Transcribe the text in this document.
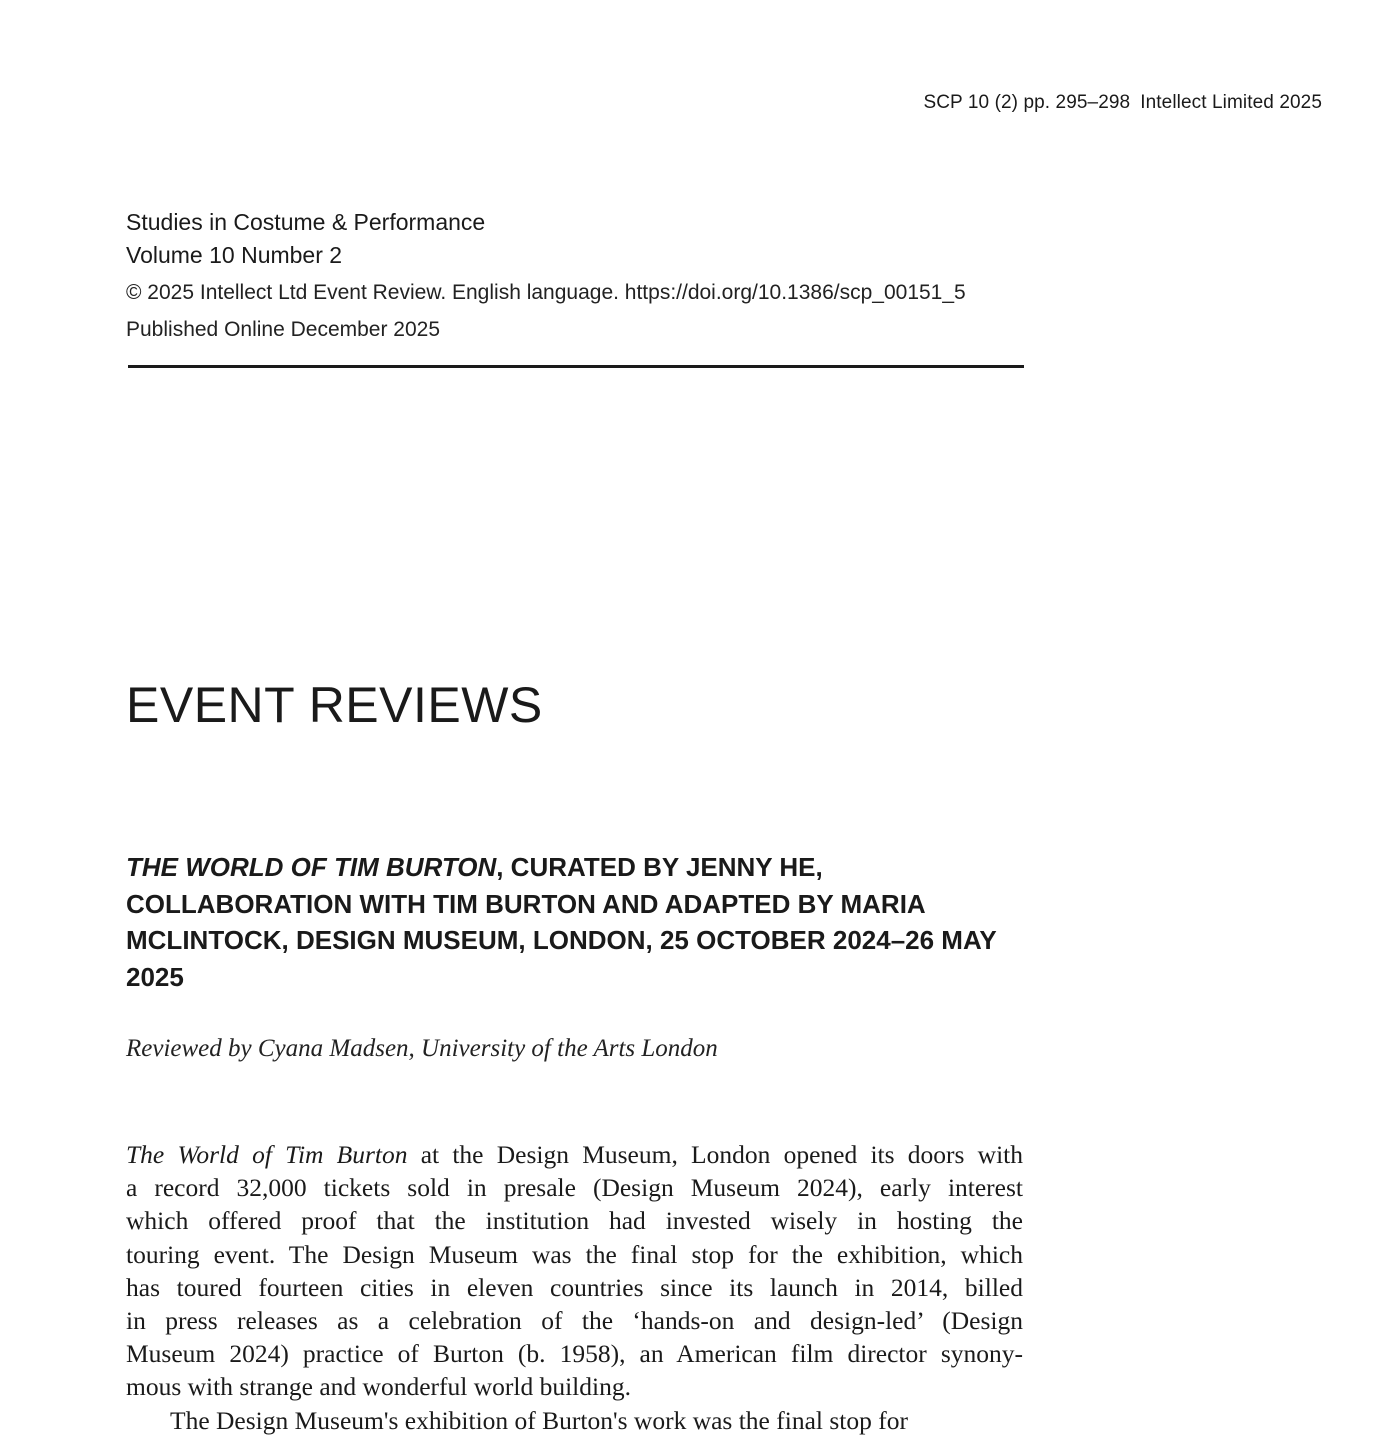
SCP 10 (2) pp. 295–298 Intellect Limited 2025
Studies in Costume & Performance
Volume 10 Number 2
© 2025 Intellect Ltd Event Review. English language. https://doi.org/10.1386/scp_00151_5
Published Online December 2025
EVENT REVIEWS
THE WORLD OF TIM BURTON, CURATED BY JENNY HE, COLLABORATION WITH TIM BURTON AND ADAPTED BY MARIA MCLINTOCK, DESIGN MUSEUM, LONDON, 25 OCTOBER 2024–26 MAY 2025

Reviewed by Cyana Madsen, University of the Arts London

The World of Tim Burton at the Design Museum, London opened its doors with
a record 32,000 tickets sold in presale (Design Museum 2024), early interest
which offered proof that the institution had invested wisely in hosting the
touring event. The Design Museum was the final stop for the exhibition, which
has toured fourteen cities in eleven countries since its launch in 2014, billed
in press releases as a celebration of the ‘hands-on and design-led’ (Design
Museum 2024) practice of Burton (b. 1958), an American film director synony-
mous with strange and wonderful world building.
The Design Museum's exhibition of Burton's work was the final stop for
